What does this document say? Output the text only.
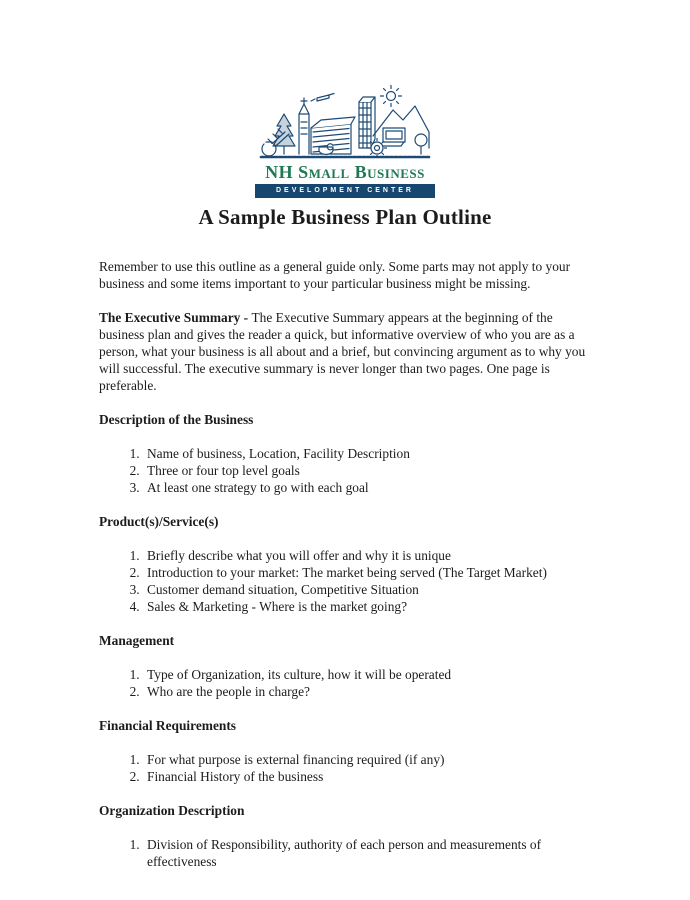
NH Small Business
DEVELOPMENT CENTER
A Sample Business Plan Outline

Remember to use this outline as a general guide only. Some parts may not apply to your business and some items important to your particular business might be missing.

The Executive Summary - The Executive Summary appears at the beginning of the business plan and gives the reader a quick, but informative overview of who you are as a person, what your business is all about and a brief, but convincing argument as to why you will successful. The executive summary is never longer than two pages. One page is preferable.

Description of the Business
1. Name of business, Location, Facility Description
2. Three or four top level goals
3. At least one strategy to go with each goal
Product(s)/Service(s)
1. Briefly describe what you will offer and why it is unique
2. Introduction to your market: The market being served (The Target Market)
3. Customer demand situation, Competitive Situation
4. Sales & Marketing - Where is the market going?
Management
1. Type of Organization, its culture, how it will be operated
2. Who are the people in charge?
Financial Requirements
1. For what purpose is external financing required (if any)
2. Financial History of the business
Organization Description
1. Division of Responsibility, authority of each person and measurements of effectiveness
